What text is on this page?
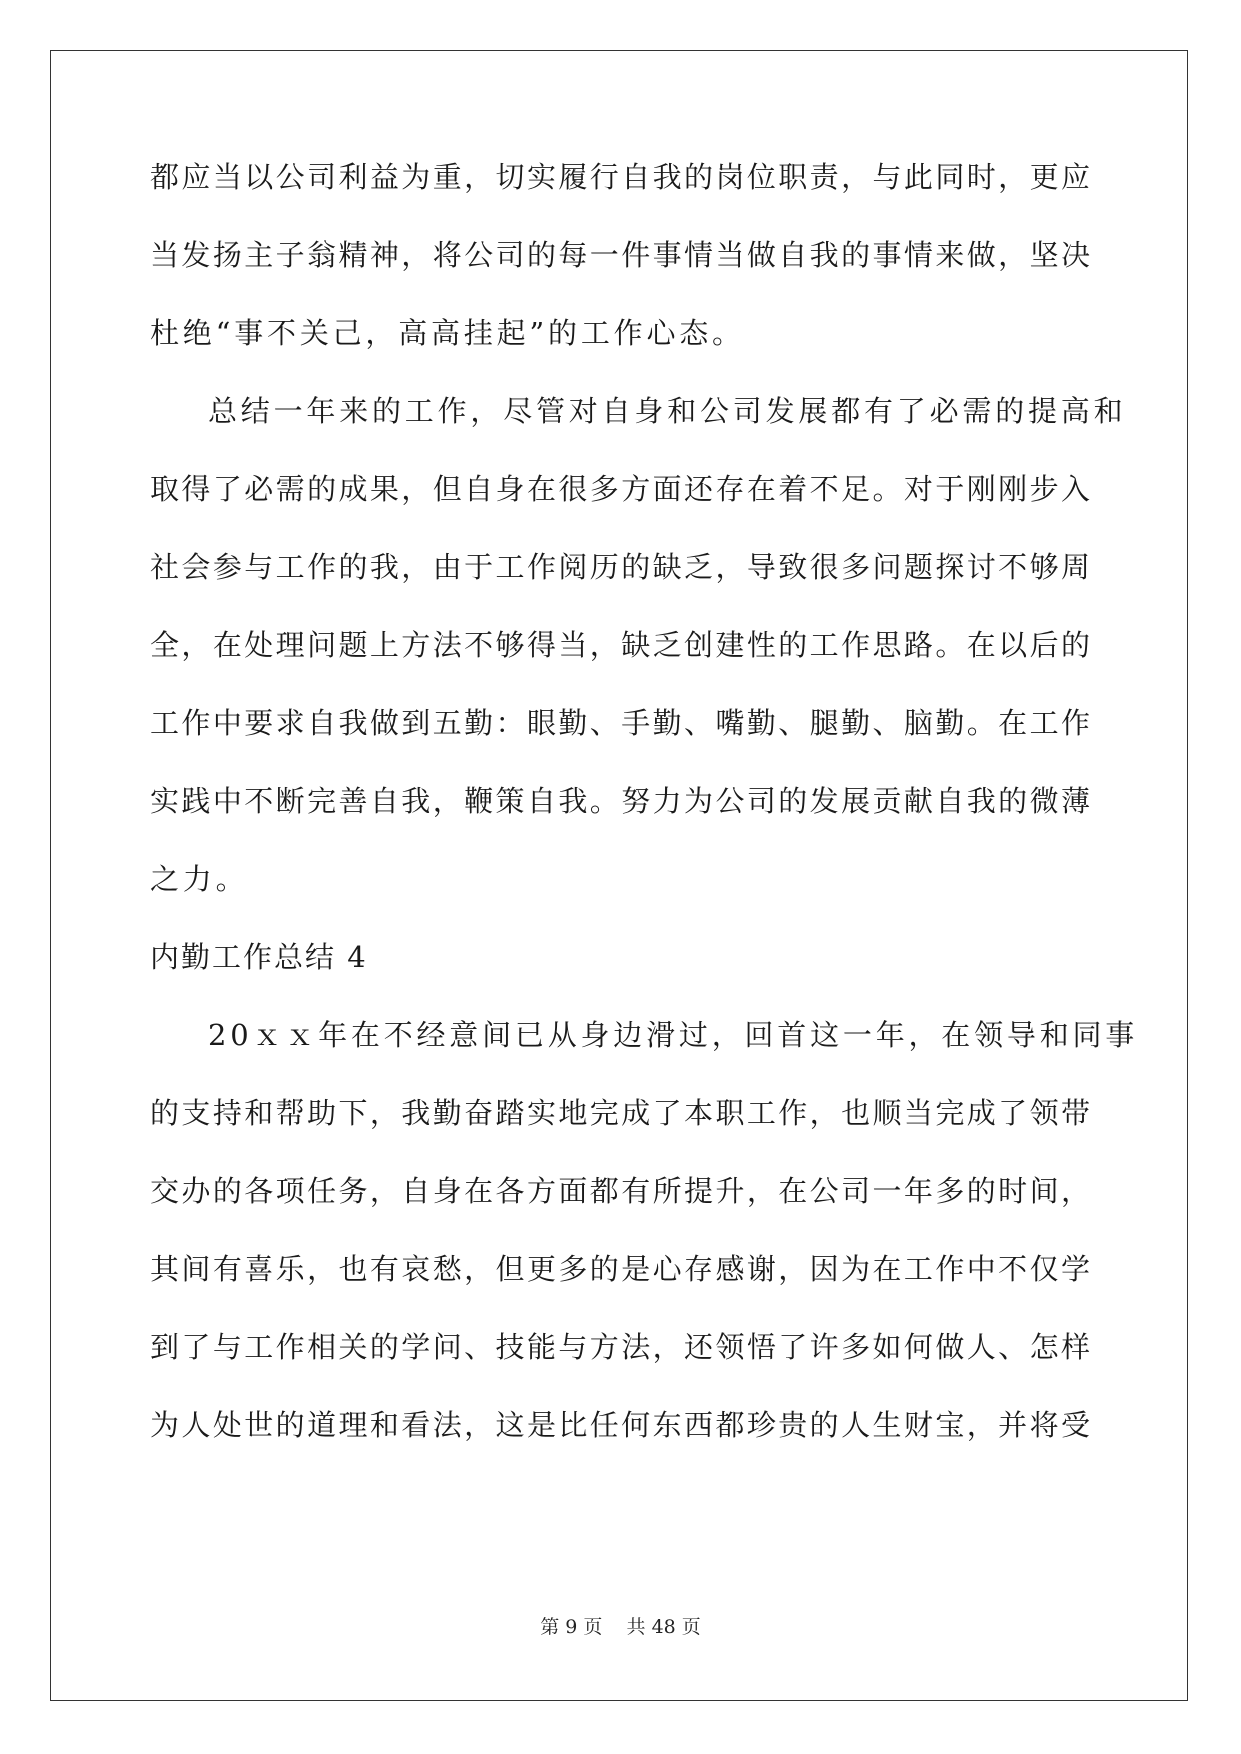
都应当以公司利益为重，切实履行自我的岗位职责，与此同时，更应
当发扬主子翁精神，将公司的每一件事情当做自我的事情来做，坚决
杜绝“事不关己，高高挂起”的工作心态。
总结一年来的工作，尽管对自身和公司发展都有了必需的提高和
取得了必需的成果，但自身在很多方面还存在着不足。对于刚刚步入
社会参与工作的我，由于工作阅历的缺乏，导致很多问题探讨不够周
全，在处理问题上方法不够得当，缺乏创建性的工作思路。在以后的
工作中要求自我做到五勤：眼勤、手勤、嘴勤、腿勤、脑勤。在工作
实践中不断完善自我，鞭策自我。努力为公司的发展贡献自我的微薄
之力。
内勤工作总结 4
20ｘｘ年在不经意间已从身边滑过，回首这一年，在领导和同事
的支持和帮助下，我勤奋踏实地完成了本职工作，也顺当完成了领带
交办的各项任务，自身在各方面都有所提升，在公司一年多的时间，
其间有喜乐，也有哀愁，但更多的是心存感谢，因为在工作中不仅学
到了与工作相关的学问、技能与方法，还领悟了许多如何做人、怎样
为人处世的道理和看法，这是比任何东西都珍贵的人生财宝，并将受
第 9 页 共 48 页
